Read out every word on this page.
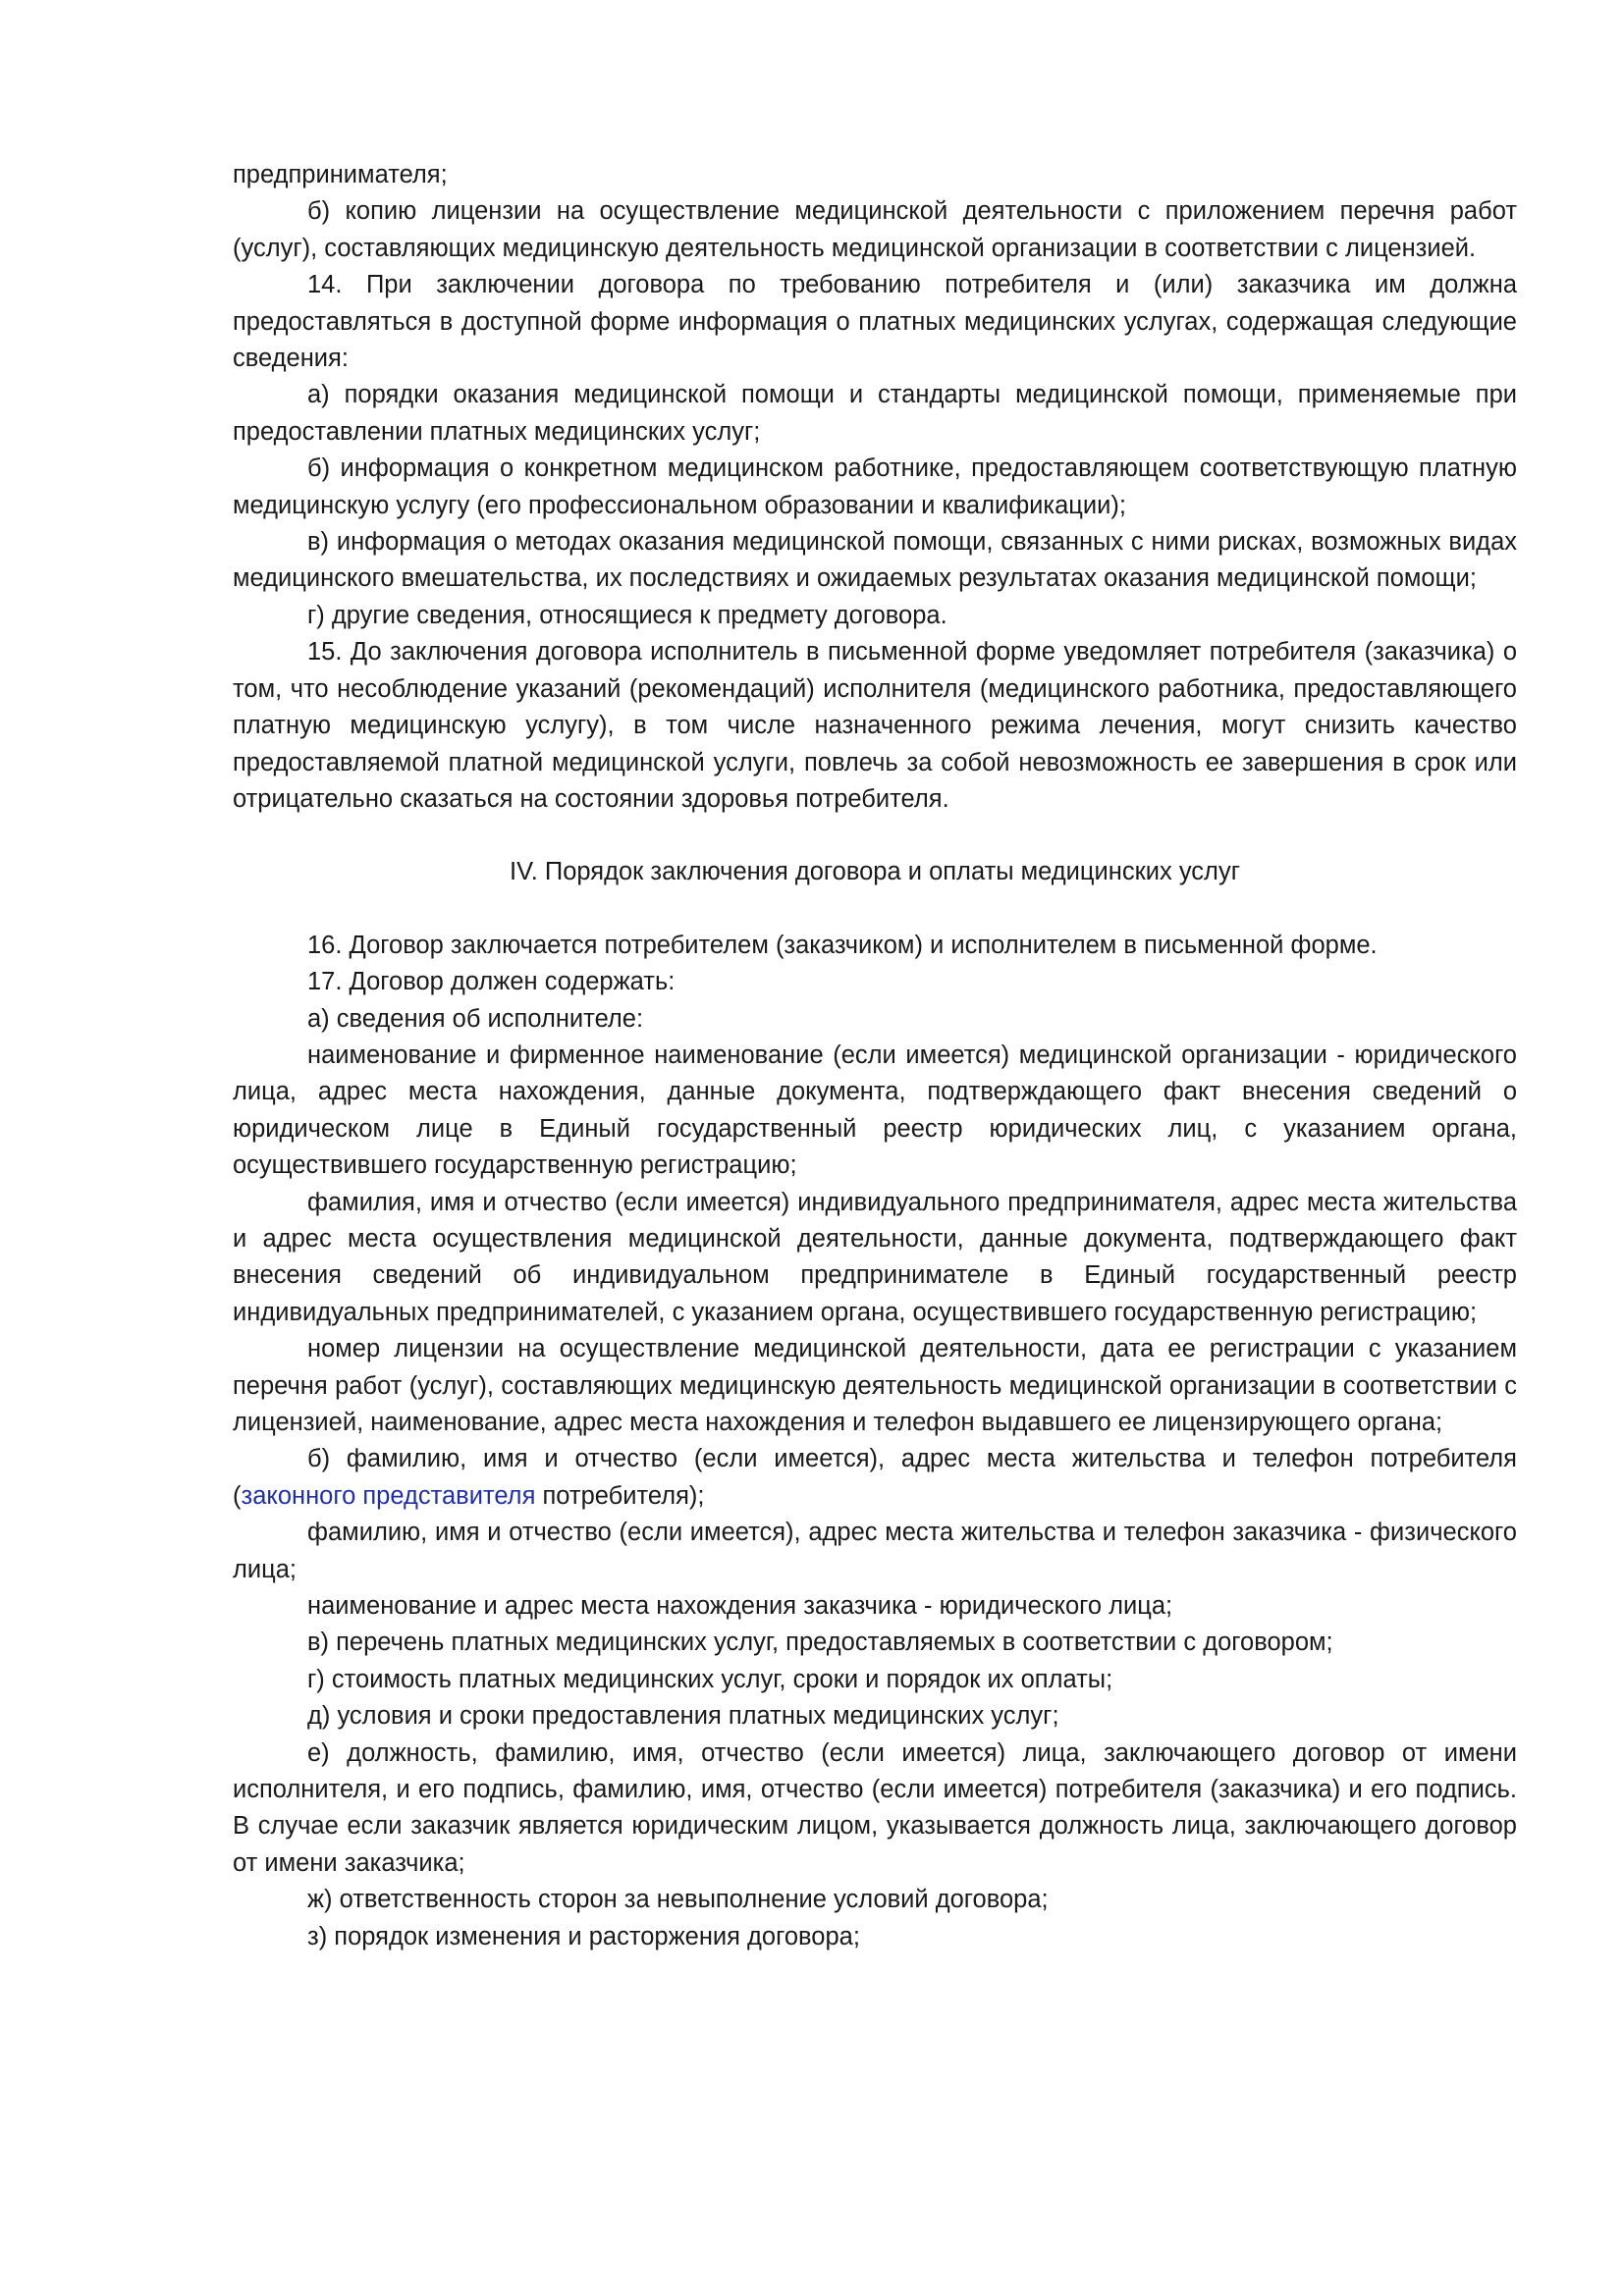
предпринимателя;

б) копию лицензии на осуществление медицинской деятельности с приложением перечня работ (услуг), составляющих медицинскую деятельность медицинской организации в соответствии с лицензией.

14. При заключении договора по требованию потребителя и (или) заказчика им должна предоставляться в доступной форме информация о платных медицинских услугах, содержащая следующие сведения:

а) порядки оказания медицинской помощи и стандарты медицинской помощи, применяемые при предоставлении платных медицинских услуг;

б) информация о конкретном медицинском работнике, предоставляющем соответствующую платную медицинскую услугу (его профессиональном образовании и квалификации);

в) информация о методах оказания медицинской помощи, связанных с ними рисках, возможных видах медицинского вмешательства, их последствиях и ожидаемых результатах оказания медицинской помощи;

г) другие сведения, относящиеся к предмету договора.

15. До заключения договора исполнитель в письменной форме уведомляет потребителя (заказчика) о том, что несоблюдение указаний (рекомендаций) исполнителя (медицинского работника, предоставляющего платную медицинскую услугу), в том числе назначенного режима лечения, могут снизить качество предоставляемой платной медицинской услуги, повлечь за собой невозможность ее завершения в срок или отрицательно сказаться на состоянии здоровья потребителя.

IV. Порядок заключения договора и оплаты медицинских услуг

16. Договор заключается потребителем (заказчиком) и исполнителем в письменной форме.

17. Договор должен содержать:

а) сведения об исполнителе:

наименование и фирменное наименование (если имеется) медицинской организации - юридического лица, адрес места нахождения, данные документа, подтверждающего факт внесения сведений о юридическом лице в Единый государственный реестр юридических лиц, с указанием органа, осуществившего государственную регистрацию;

фамилия, имя и отчество (если имеется) индивидуального предпринимателя, адрес места жительства и адрес места осуществления медицинской деятельности, данные документа, подтверждающего факт внесения сведений об индивидуальном предпринимателе в Единый государственный реестр индивидуальных предпринимателей, с указанием органа, осуществившего государственную регистрацию;

номер лицензии на осуществление медицинской деятельности, дата ее регистрации с указанием перечня работ (услуг), составляющих медицинскую деятельность медицинской организации в соответствии с лицензией, наименование, адрес места нахождения и телефон выдавшего ее лицензирующего органа;

б) фамилию, имя и отчество (если имеется), адрес места жительства и телефон потребителя (законного представителя потребителя);

фамилию, имя и отчество (если имеется), адрес места жительства и телефон заказчика - физического лица;

наименование и адрес места нахождения заказчика - юридического лица;

в) перечень платных медицинских услуг, предоставляемых в соответствии с договором;

г) стоимость платных медицинских услуг, сроки и порядок их оплаты;

д) условия и сроки предоставления платных медицинских услуг;

е) должность, фамилию, имя, отчество (если имеется) лица, заключающего договор от имени исполнителя, и его подпись, фамилию, имя, отчество (если имеется) потребителя (заказчика) и его подпись. В случае если заказчик является юридическим лицом, указывается должность лица, заключающего договор от имени заказчика;

ж) ответственность сторон за невыполнение условий договора;

з) порядок изменения и расторжения договора;
